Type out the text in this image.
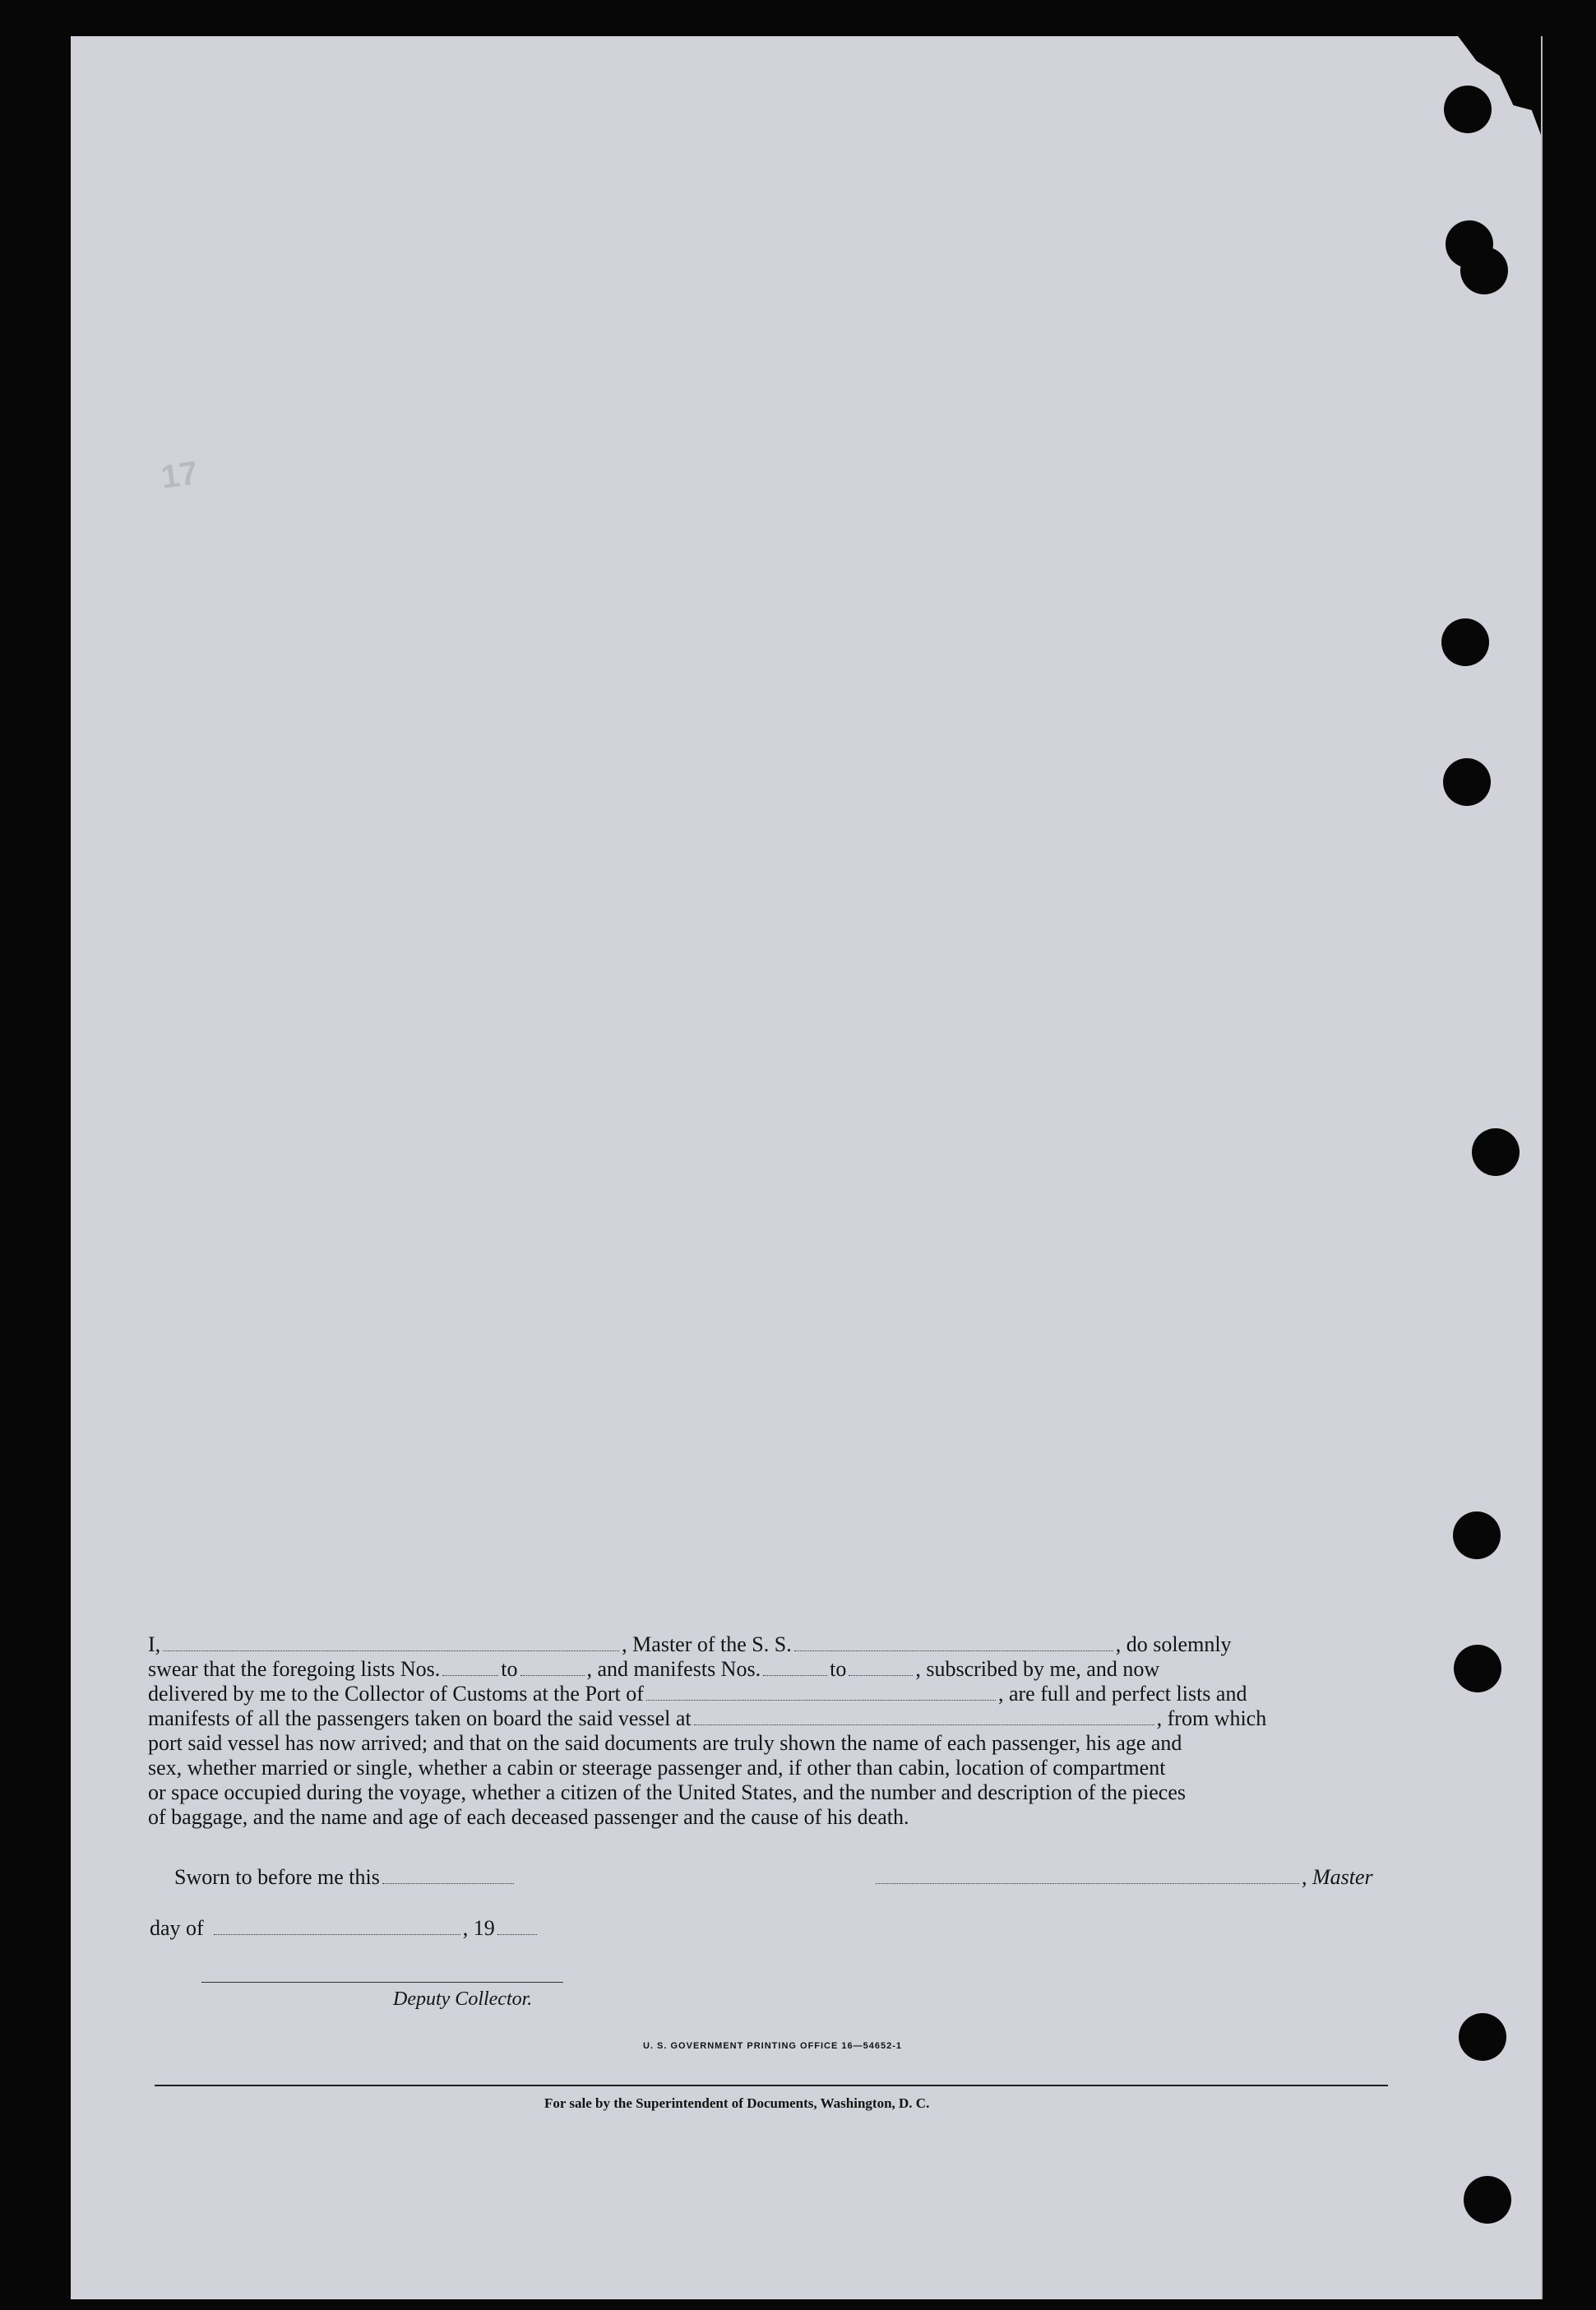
17
I,	, Master of the S. S.	, do solemnly
swear that the foregoing lists Nos.	to	, and manifests Nos.	to	, subscribed by me, and now
delivered by me to the Collector of Customs at the Port of	, are full and perfect lists and
manifests of all the passengers taken on board the said vessel at	, from which
port said vessel has now arrived; and that on the said documents are truly shown the name of each passenger, his age and
sex, whether married or single, whether a cabin or steerage passenger and, if other than cabin, location of compartment
or space occupied during the voyage, whether a citizen of the United States, and the number and description of the pieces
of baggage, and the name and age of each deceased passenger and the cause of his death.
Sworn to before me this	, Master
day of	, 19
Deputy Collector.
U. S. GOVERNMENT PRINTING OFFICE 16—54652-1
For sale by the Superintendent of Documents, Washington, D. C.
